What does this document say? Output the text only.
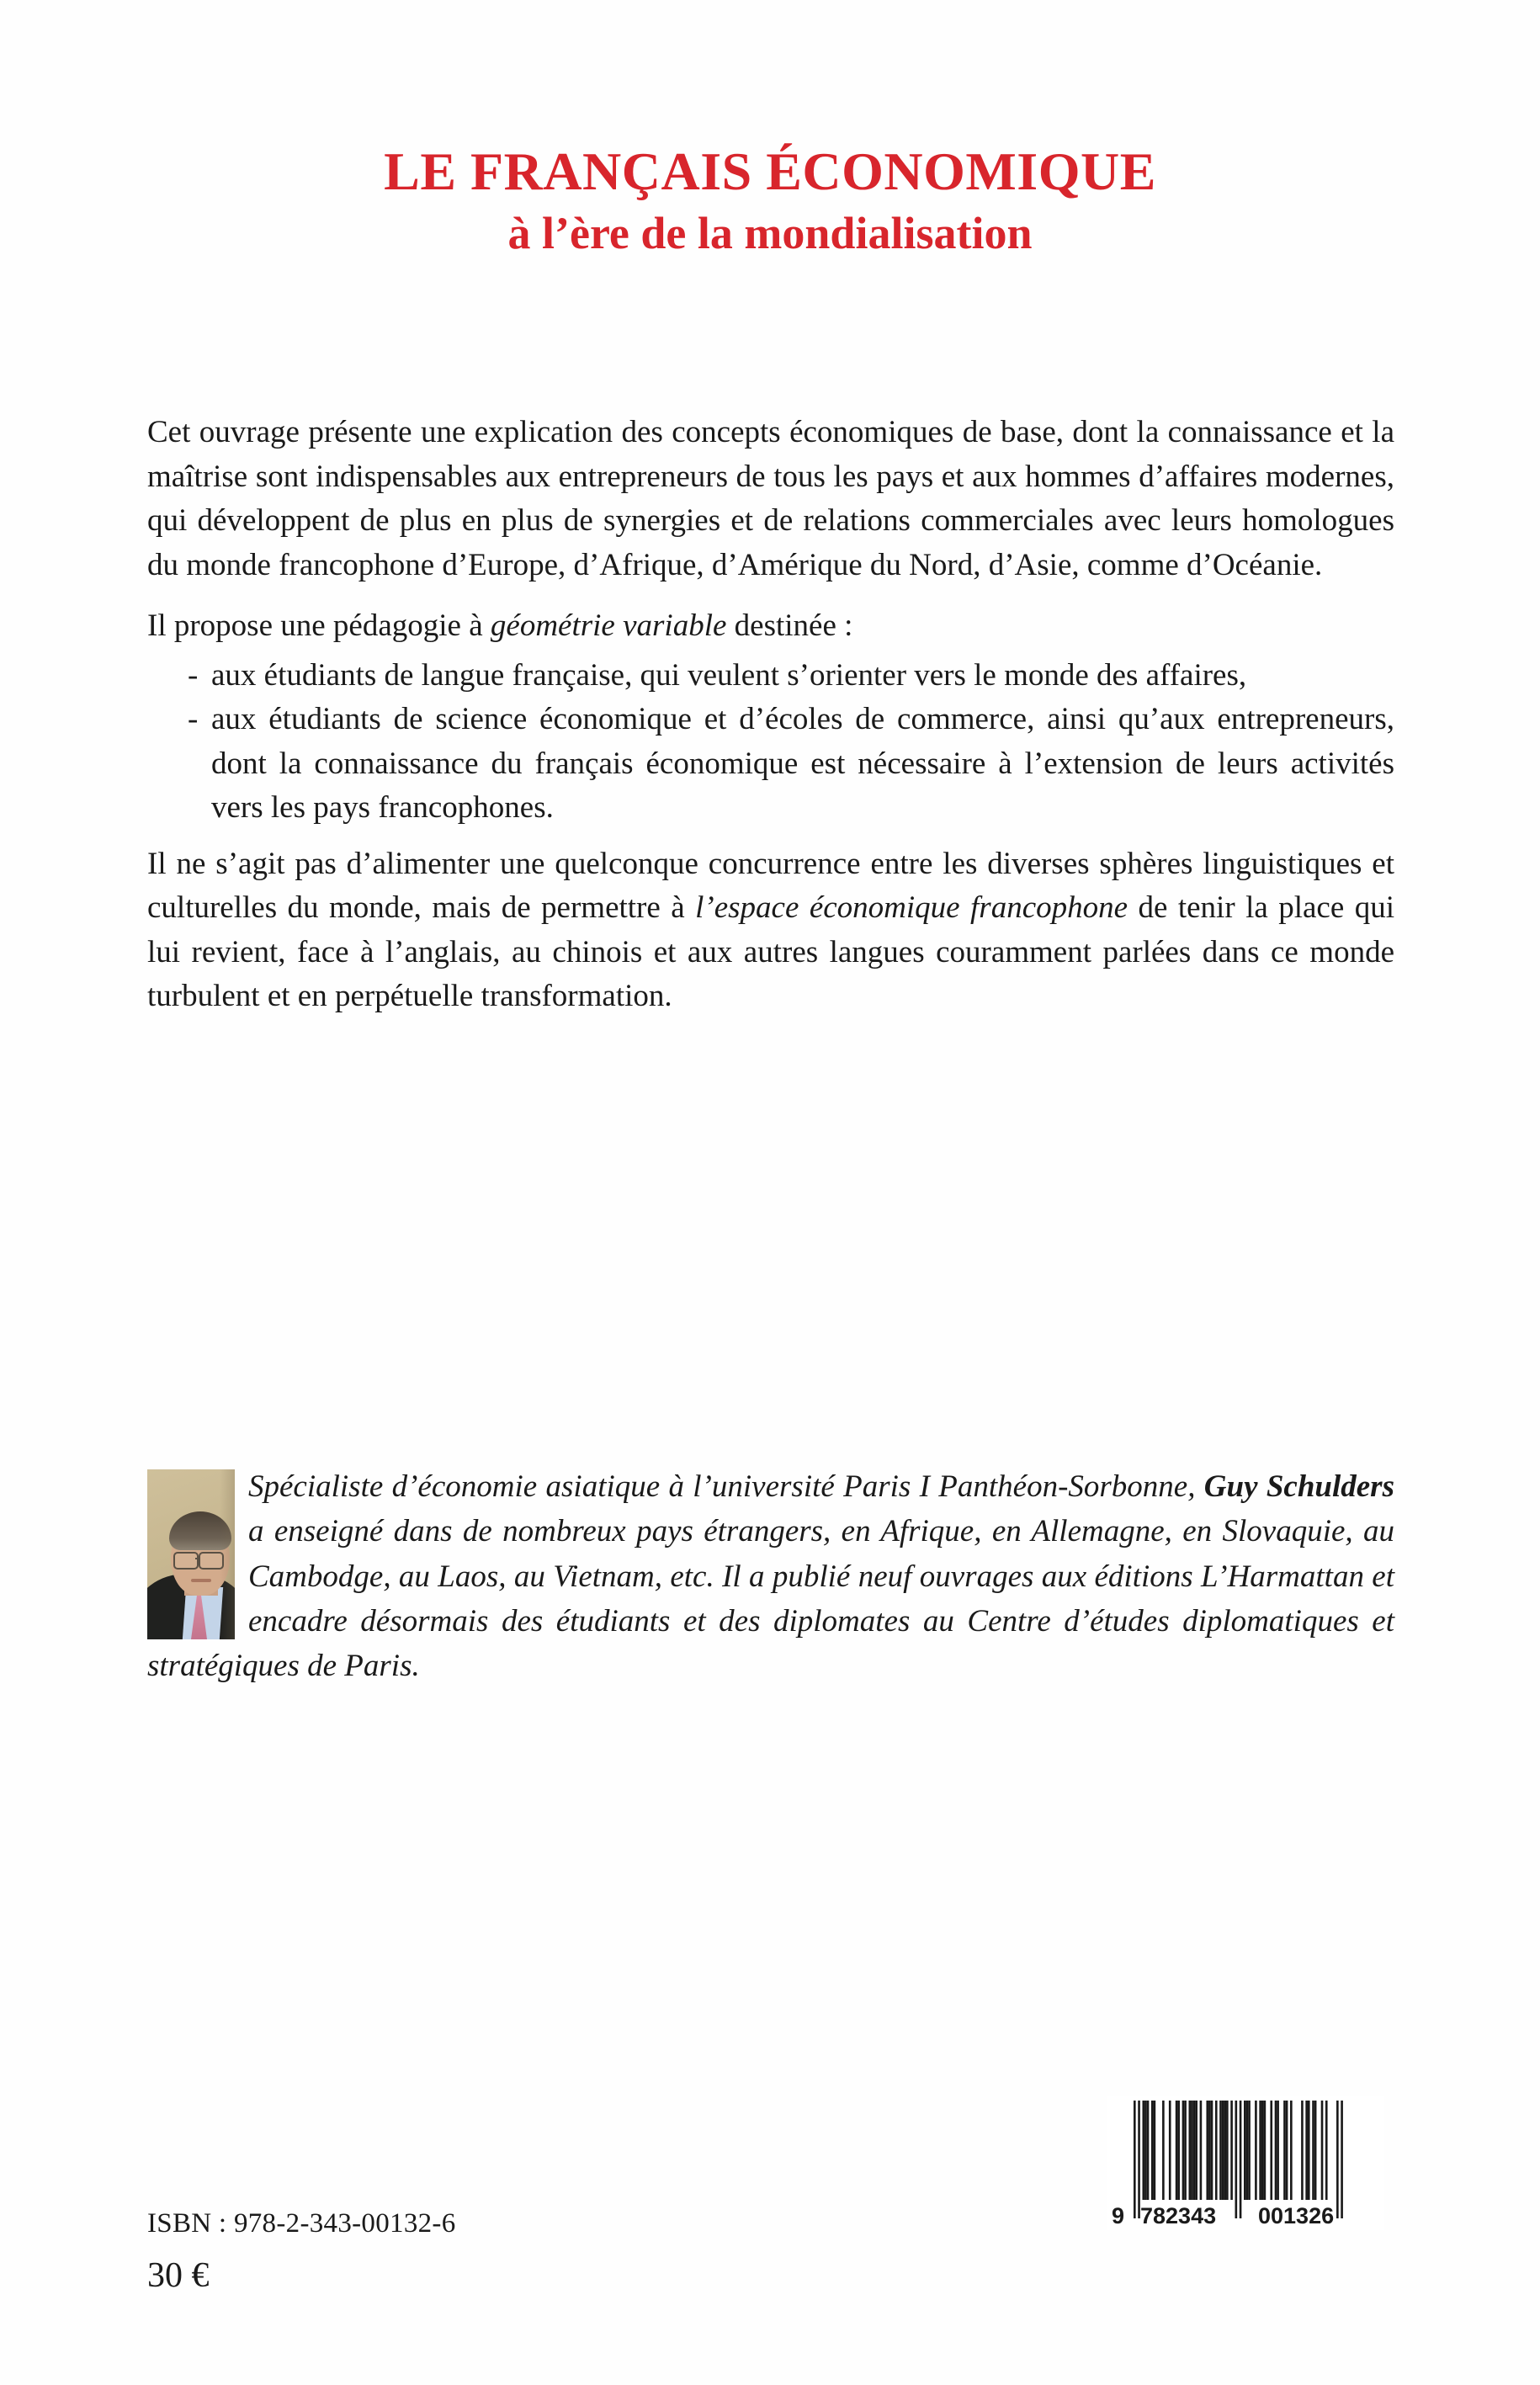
LE FRANÇAIS ÉCONOMIQUE
à l’ère de la mondialisation

Cet ouvrage présente une explication des concepts économiques de base, dont la connaissance et la maîtrise sont indispensables aux entrepreneurs de tous les pays et aux hommes d’affaires modernes, qui développent de plus en plus de synergies et de relations commerciales avec leurs homologues du monde francophone d’Europe, d’Afrique, d’Amérique du Nord, d’Asie, comme d’Océanie.

Il propose une pédagogie à géométrie variable destinée :

- aux étudiants de langue française, qui veulent s’orienter vers le monde des affaires,
- aux étudiants de science économique et d’écoles de commerce, ainsi qu’aux entrepreneurs, dont la connaissance du français économique est nécessaire à l’extension de leurs activités vers les pays francophones.

Il ne s’agit pas d’alimenter une quelconque concurrence entre les diverses sphères linguistiques et culturelles du monde, mais de permettre à l’espace économique francophone de tenir la place qui lui revient, face à l’anglais, au chinois et aux autres langues couramment parlées dans ce monde turbulent et en perpétuelle transformation.

Spécialiste d’économie asiatique à l’université Paris I Panthéon-Sorbonne, Guy Schulders a enseigné dans de nombreux pays étrangers, en Afrique, en Allemagne, en Slovaquie, au Cambodge, au Laos, au Vietnam, etc. Il a publié neuf ouvrages aux éditions L’Harmattan et encadre désormais des étudiants et des diplomates au Centre d’études diplomatiques et stratégiques de Paris.

ISBN : 978-2-343-00132-6

30 €

9 782343 001326
